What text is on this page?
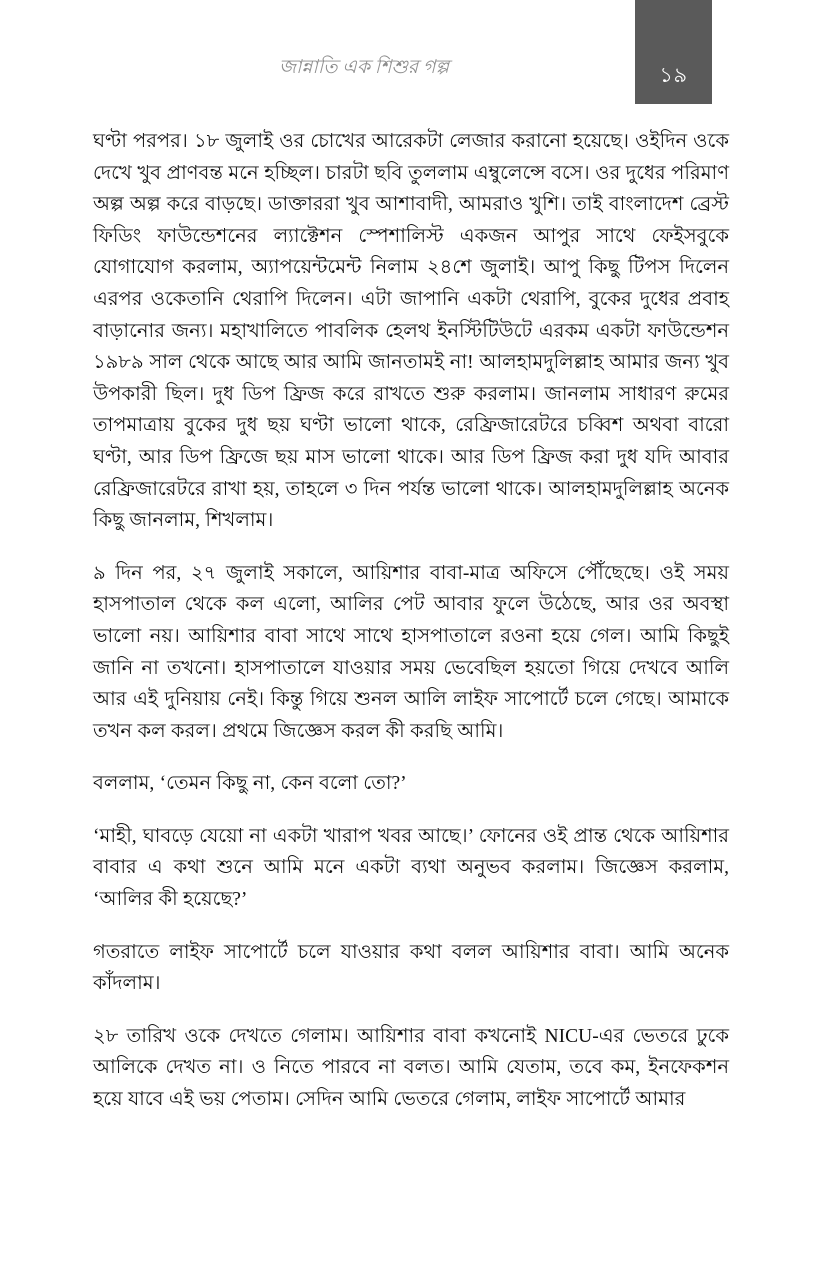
১৯
জান্নাতি এক শিশুর গল্প

ঘণ্টা পরপর। ১৮ জুলাই ওর চোখের আরেকটা লেজার করানো হয়েছে। ওইদিন ওকে দেখে খুব প্রাণবন্ত মনে হচ্ছিল। চারটা ছবি তুললাম এম্বুলেন্সে বসে। ওর দুধের পরিমাণ অল্প অল্প করে বাড়ছে। ডাক্তাররা খুব আশাবাদী, আমরাও খুশি। তাই বাংলাদেশ ব্রেস্ট ফিডিং ফাউন্ডেশনের ল্যাক্টেশন স্পেশালিস্ট একজন আপুর সাথে ফেইসবুকে যোগাযোগ করলাম, অ্যাপয়েন্টমেন্ট নিলাম ২৪শে জুলাই। আপু কিছু টিপস দিলেন এরপর ওকেতানি থেরাপি দিলেন। এটা জাপানি একটা থেরাপি, বুকের দুধের প্রবাহ বাড়ানোর জন্য। মহাখালিতে পাবলিক হেলথ ইনস্টিটিউটে এরকম একটা ফাউন্ডেশন ১৯৮৯ সাল থেকে আছে আর আমি জানতামই না! আলহামদুলিল্লাহ আমার জন্য খুব উপকারী ছিল। দুধ ডিপ ফ্রিজ করে রাখতে শুরু করলাম। জানলাম সাধারণ রুমের তাপমাত্রায় বুকের দুধ ছয় ঘণ্টা ভালো থাকে, রেফ্রিজারেটরে চব্বিশ অথবা বারো ঘণ্টা, আর ডিপ ফ্রিজে ছয় মাস ভালো থাকে। আর ডিপ ফ্রিজ করা দুধ যদি আবার রেফ্রিজারেটরে রাখা হয়, তাহলে ৩ দিন পর্যন্ত ভালো থাকে। আলহামদুলিল্লাহ অনেক কিছু জানলাম, শিখলাম।

৯ দিন পর, ২৭ জুলাই সকালে, আয়িশার বাবা-মাত্র অফিসে পৌঁছেছে। ওই সময় হাসপাতাল থেকে কল এলো, আলির পেট আবার ফুলে উঠেছে, আর ওর অবস্থা ভালো নয়। আয়িশার বাবা সাথে সাথে হাসপাতালে রওনা হয়ে গেল। আমি কিছুই জানি না তখনো। হাসপাতালে যাওয়ার সময় ভেবেছিল হয়তো গিয়ে দেখবে আলি আর এই দুনিয়ায় নেই। কিন্তু গিয়ে শুনল আলি লাইফ সাপোর্টে চলে গেছে। আমাকে তখন কল করল। প্রথমে জিজ্ঞেস করল কী করছি আমি।

বললাম, ‘তেমন কিছু না, কেন বলো তো?’

‘মাহী, ঘাবড়ে যেয়ো না একটা খারাপ খবর আছে।’ ফোনের ওই প্রান্ত থেকে আয়িশার বাবার এ কথা শুনে আমি মনে একটা ব্যথা অনুভব করলাম। জিজ্ঞেস করলাম, ‘আলির কী হয়েছে?’

গতরাতে লাইফ সাপোর্টে চলে যাওয়ার কথা বলল আয়িশার বাবা। আমি অনেক কাঁদলাম।

২৮ তারিখ ওকে দেখতে গেলাম। আয়িশার বাবা কখনোই NICU-এর ভেতরে ঢুকে আলিকে দেখত না। ও নিতে পারবে না বলত। আমি যেতাম, তবে কম, ইনফেকশন হয়ে যাবে এই ভয় পেতাম। সেদিন আমি ভেতরে গেলাম, লাইফ সাপোর্টে আমার
